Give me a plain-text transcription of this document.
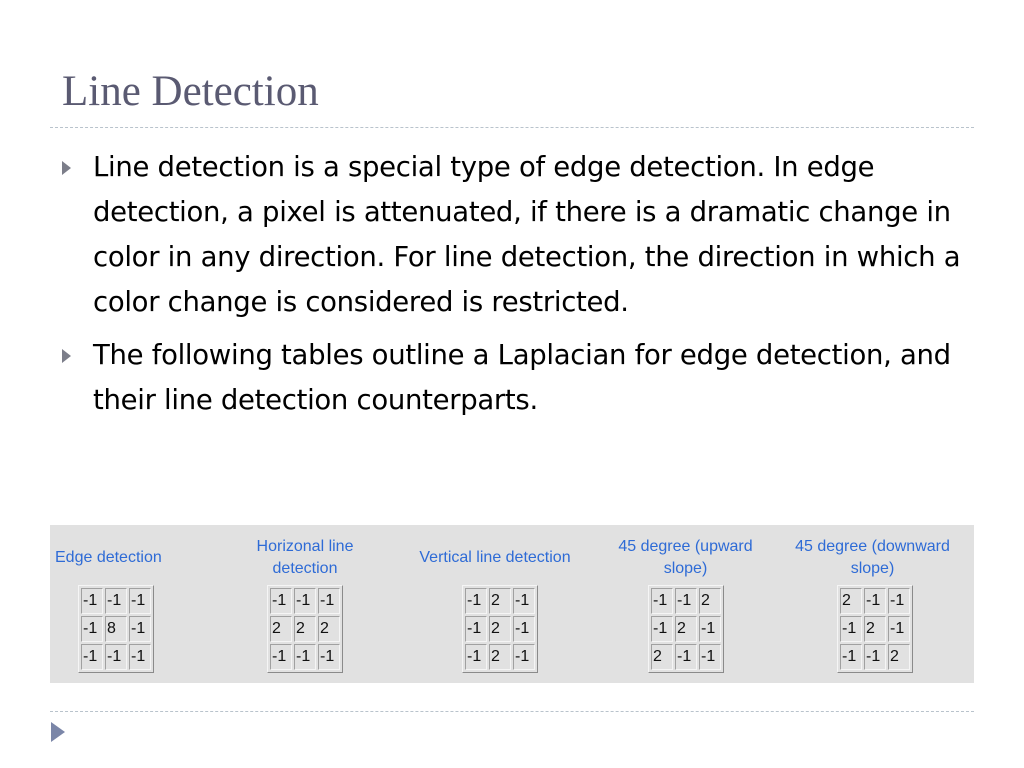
Line Detection
Line detection is a special type of edge detection. In edge detection, a pixel is attenuated, if there is a dramatic change in color in any direction. For line detection, the direction in which a color change is considered is restricted.
The following tables outline a Laplacian for edge detection, and their line detection counterparts.
Edge detection
-1	-1	-1
-1	8	-1
-1	-1	-1
Horizonal line detection
-1	-1	-1
2	2	2
-1	-1	-1
Vertical line detection
-1	2	-1
-1	2	-1
-1	2	-1
45 degree (upward slope)
-1	-1	2
-1	2	-1
2	-1	-1
45 degree (downward slope)
2	-1	-1
-1	2	-1
-1	-1	2
